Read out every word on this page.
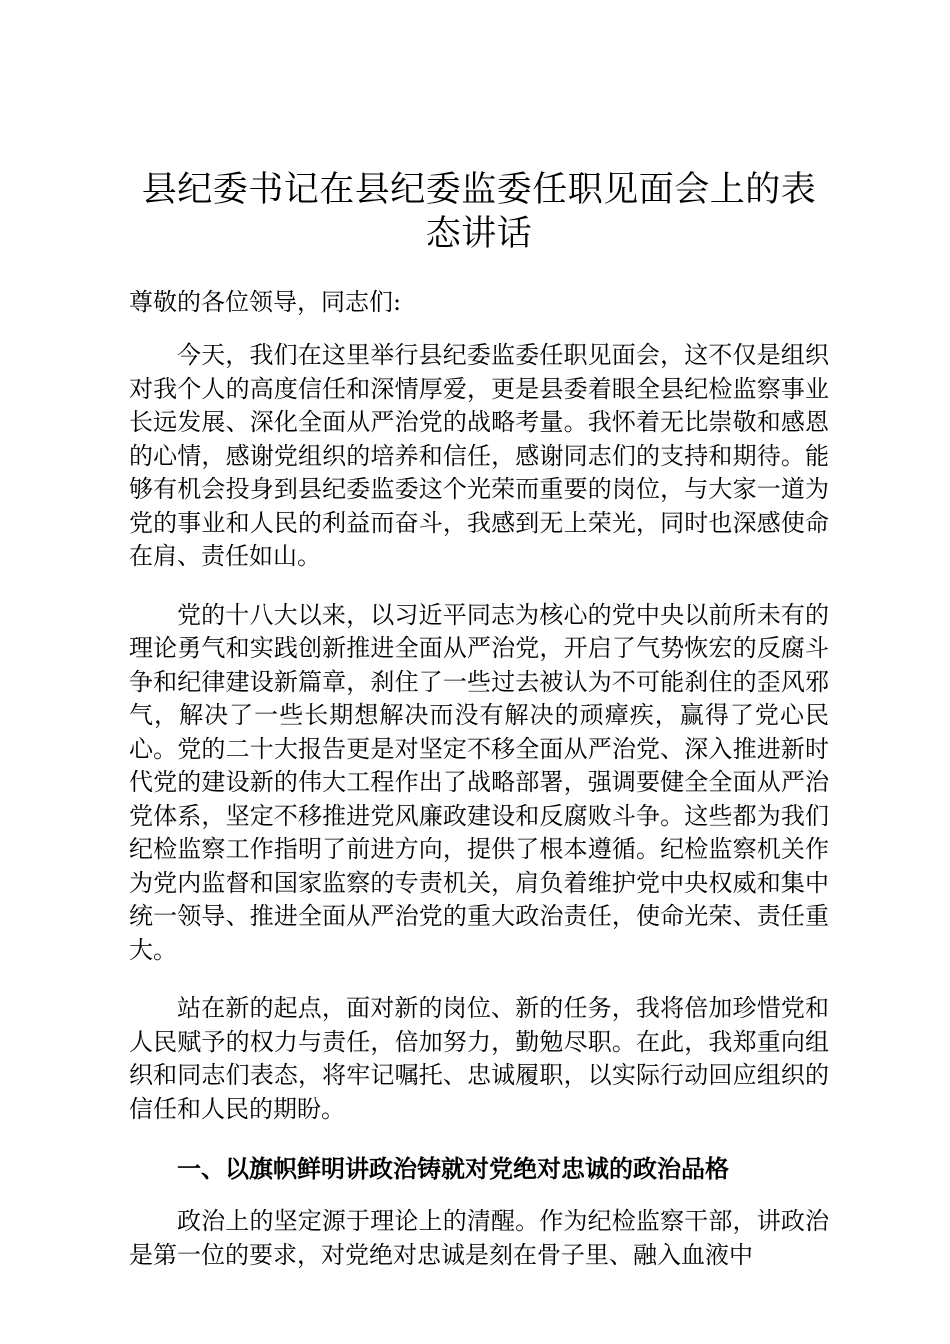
县纪委书记在县纪委监委任职见面会上的表态讲话

尊敬的各位领导，同志们:

今天，我们在这里举行县纪委监委任职见面会，这不仅是组织对我个人的高度信任和深情厚爱，更是县委着眼全县纪检监察事业长远发展、深化全面从严治党的战略考量。我怀着无比崇敬和感恩的心情，感谢党组织的培养和信任，感谢同志们的支持和期待。能够有机会投身到县纪委监委这个光荣而重要的岗位，与大家一道为党的事业和人民的利益而奋斗，我感到无上荣光，同时也深感使命在肩、责任如山。

党的十八大以来，以习近平同志为核心的党中央以前所未有的理论勇气和实践创新推进全面从严治党，开启了气势恢宏的反腐斗争和纪律建设新篇章，刹住了一些过去被认为不可能刹住的歪风邪气，解决了一些长期想解决而没有解决的顽瘴疾，赢得了党心民心。党的二十大报告更是对坚定不移全面从严治党、深入推进新时代党的建设新的伟大工程作出了战略部署，强调要健全全面从严治党体系，坚定不移推进党风廉政建设和反腐败斗争。这些都为我们纪检监察工作指明了前进方向，提供了根本遵循。纪检监察机关作为党内监督和国家监察的专责机关，肩负着维护党中央权威和集中统一领导、推进全面从严治党的重大政治责任，使命光荣、责任重大。

站在新的起点，面对新的岗位、新的任务，我将倍加珍惜党和人民赋予的权力与责任，倍加努力，勤勉尽职。在此，我郑重向组织和同志们表态，将牢记嘱托、忠诚履职，以实际行动回应组织的信任和人民的期盼。

一、以旗帜鲜明讲政治铸就对党绝对忠诚的政治品格

政治上的坚定源于理论上的清醒。作为纪检监察干部，讲政治是第一位的要求，对党绝对忠诚是刻在骨子里、融入血液中
